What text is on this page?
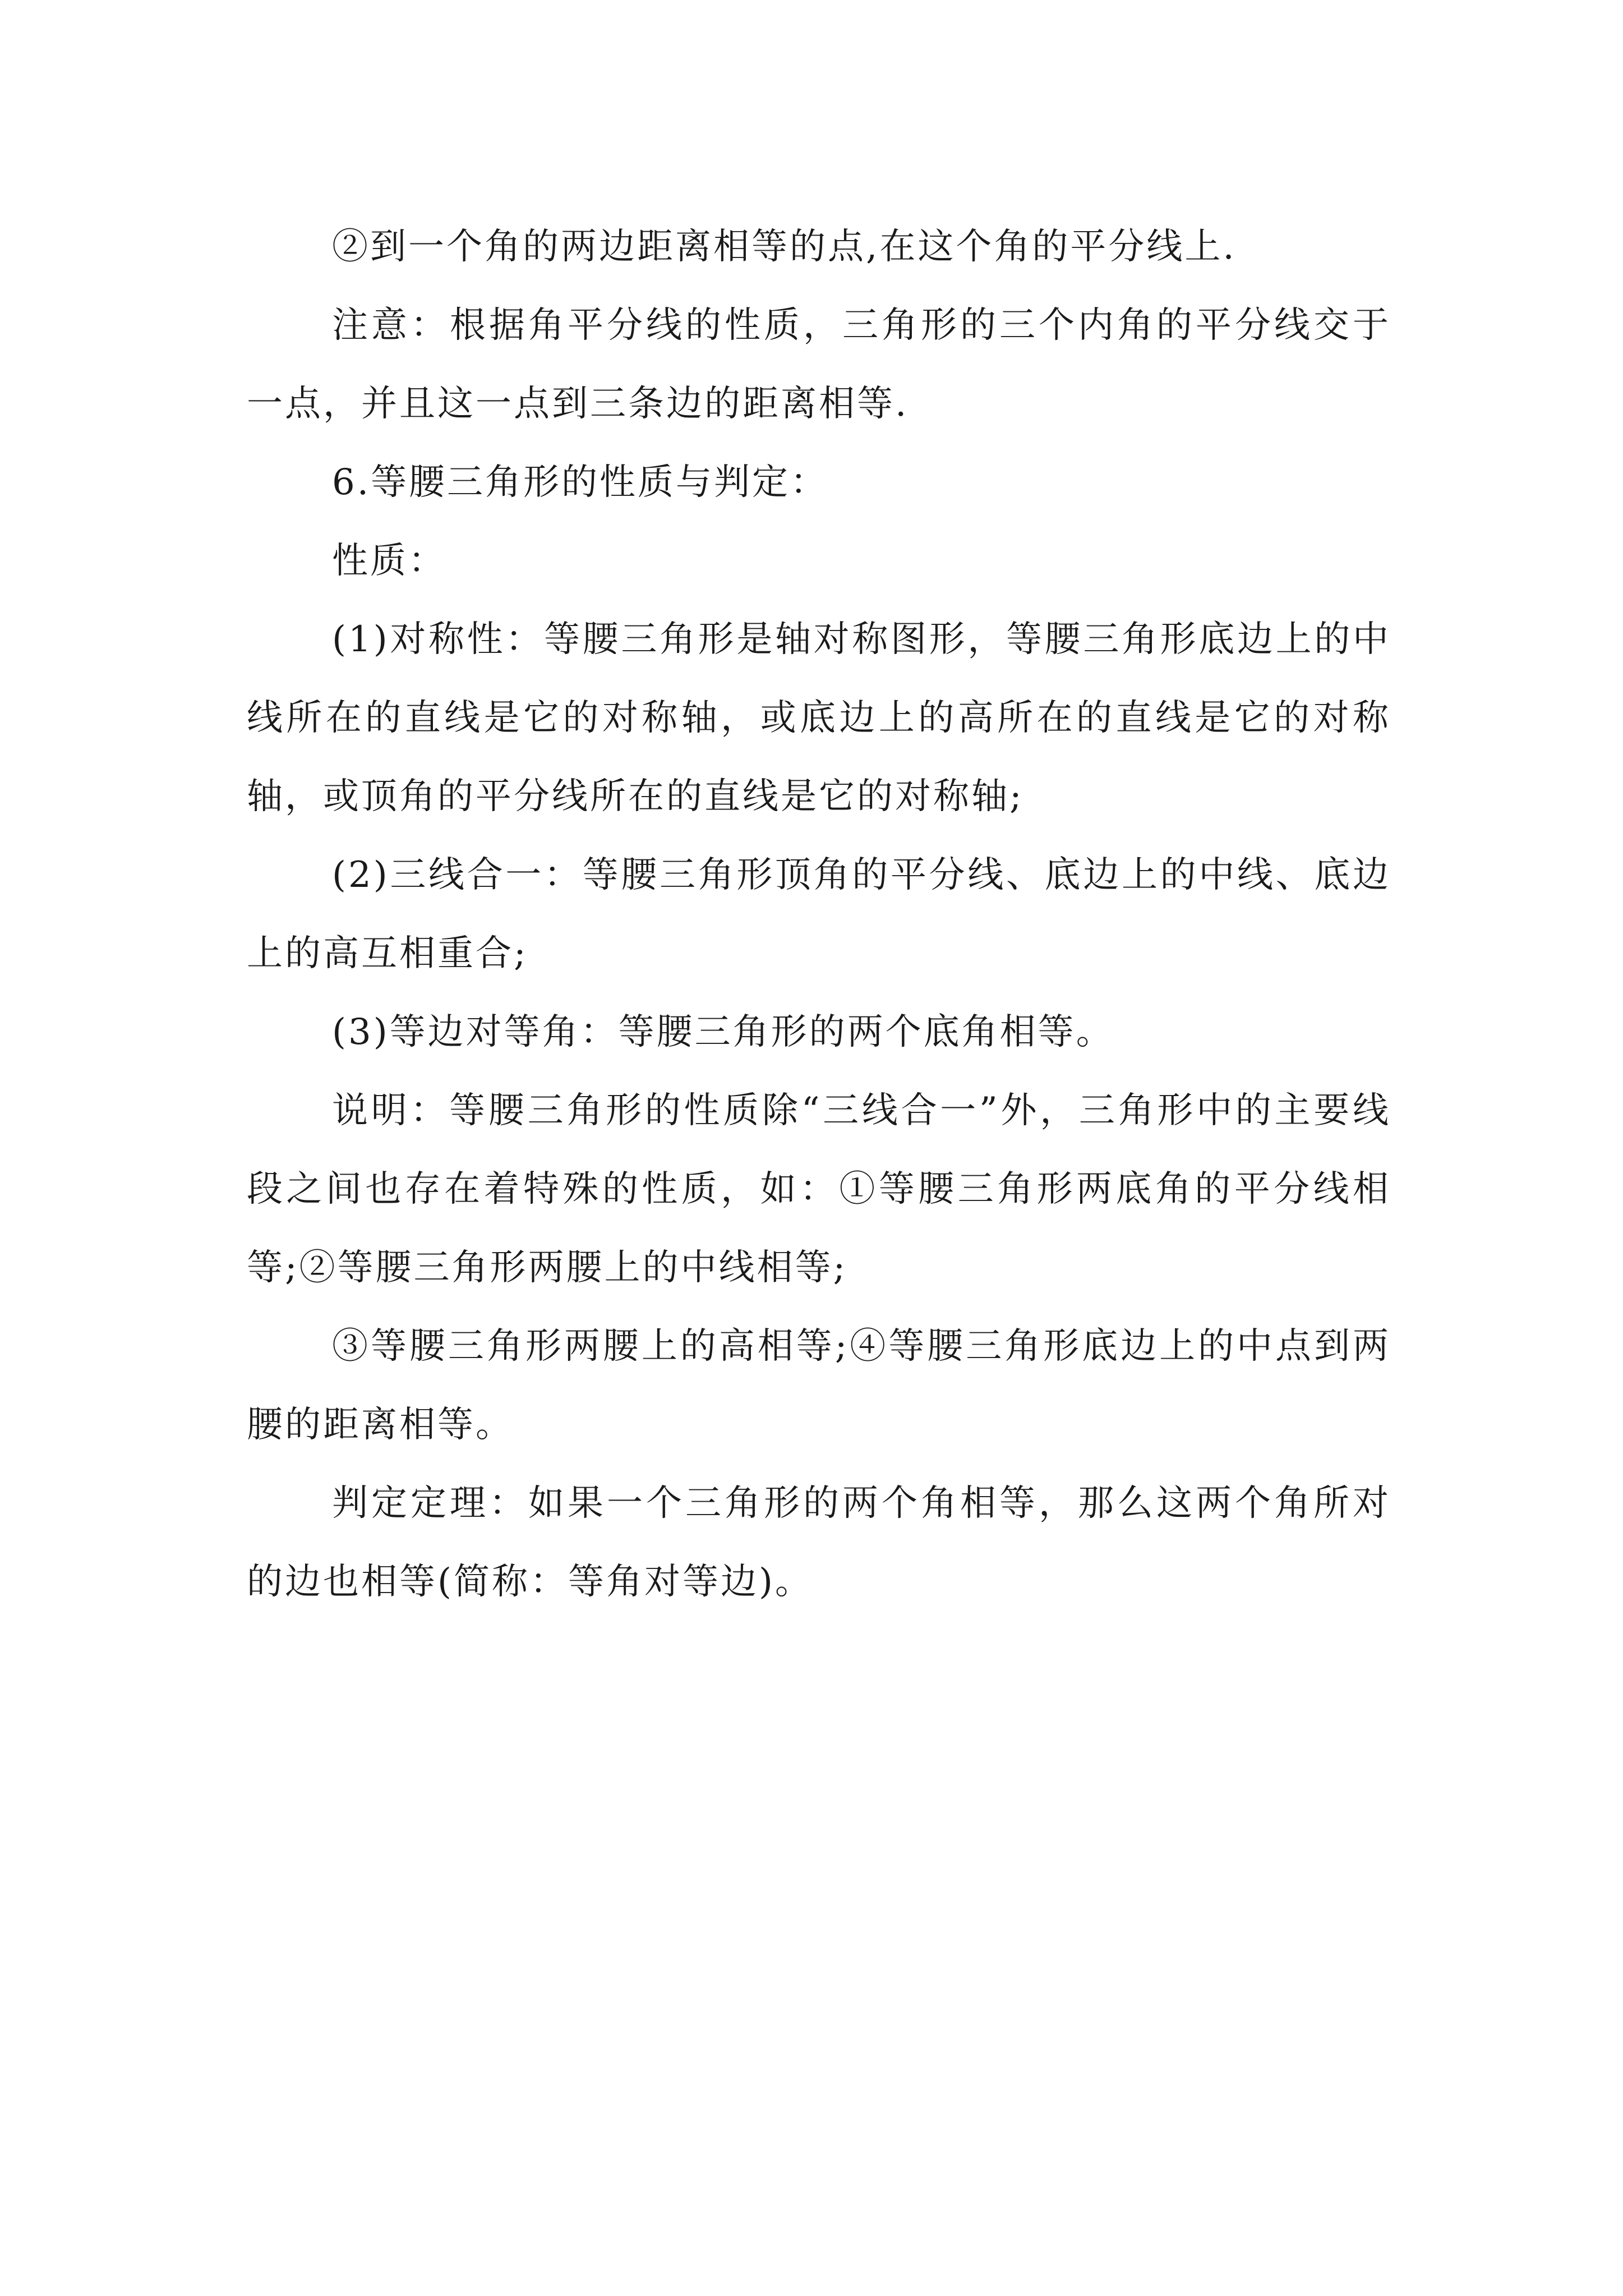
②到一个角的两边距离相等的点,在这个角的平分线上.

注意：根据角平分线的性质，三角形的三个内角的平分线交于一点，并且这一点到三条边的距离相等.

6.等腰三角形的性质与判定：

性质：

(1)对称性：等腰三角形是轴对称图形，等腰三角形底边上的中线所在的直线是它的对称轴，或底边上的高所在的直线是它的对称轴，或顶角的平分线所在的直线是它的对称轴;

(2)三线合一：等腰三角形顶角的平分线、底边上的中线、底边上的高互相重合;

(3)等边对等角：等腰三角形的两个底角相等。

说明：等腰三角形的性质除“三线合一”外，三角形中的主要线段之间也存在着特殊的性质，如：①等腰三角形两底角的平分线相等;②等腰三角形两腰上的中线相等;

③等腰三角形两腰上的高相等;④等腰三角形底边上的中点到两腰的距离相等。

判定定理：如果一个三角形的两个角相等，那么这两个角所对的边也相等(简称：等角对等边)。
